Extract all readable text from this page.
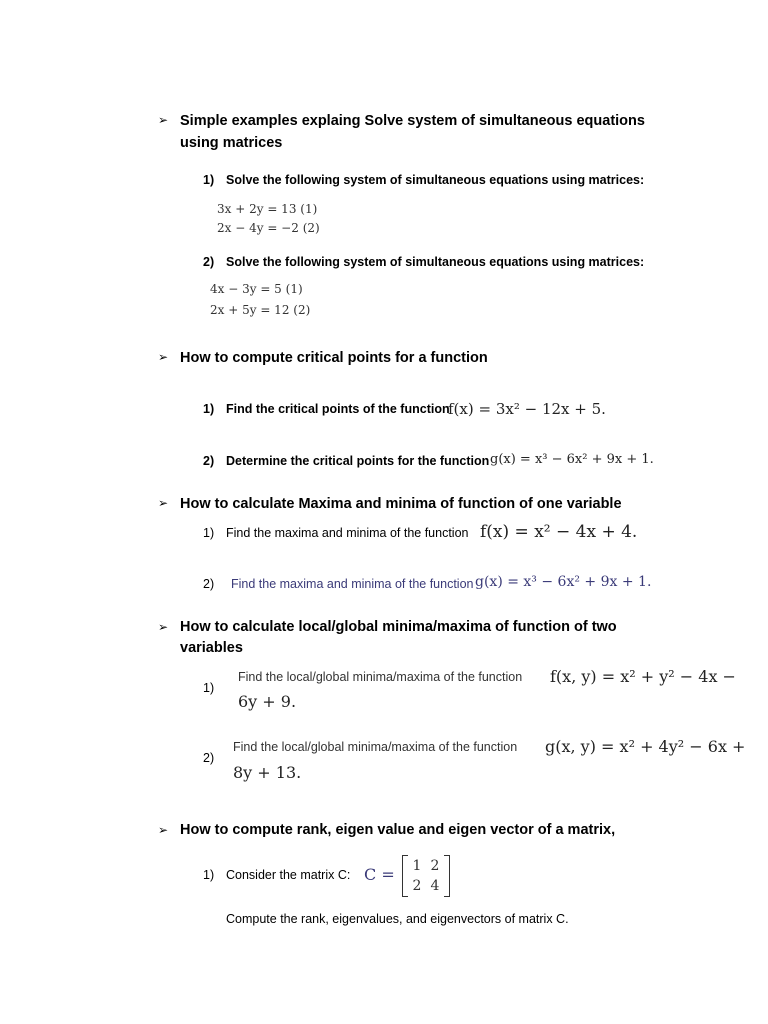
➢ Simple examples explaing Solve system of simultaneous equations
using matrices
1) Solve the following system of simultaneous equations using matrices:
3x + 2y = 13 (1)
2x − 4y = −2 (2)
2) Solve the following system of simultaneous equations using matrices:
4x − 3y = 5 (1)
2x + 5y = 12 (2)
➢ How to compute critical points for a function
1) Find the critical points of the function
f(x) = 3x² − 12x + 5.
2) Determine the critical points for the function g(x) = x³ − 6x² + 9x + 1.
➢ How to calculate Maxima and minima of function of one variable
1) Find the maxima and minima of the function f(x) = x² − 4x + 4.
2) Find the maxima and minima of the function g(x) = x³ − 6x² + 9x + 1.
➢ How to calculate local/global minima/maxima of function of two
variables
1)
Find the local/global minima/maxima of the function f(x, y) = x² + y² − 4x −
6y + 9.
2)
Find the local/global minima/maxima of the function g(x, y) = x² + 4y² − 6x +
8y + 13.
➢ How to compute rank, eigen value and eigen vector of a matrix,
1) Consider the matrix C: C =	1 2
2 4
Compute the rank, eigenvalues, and eigenvectors of matrix C.
